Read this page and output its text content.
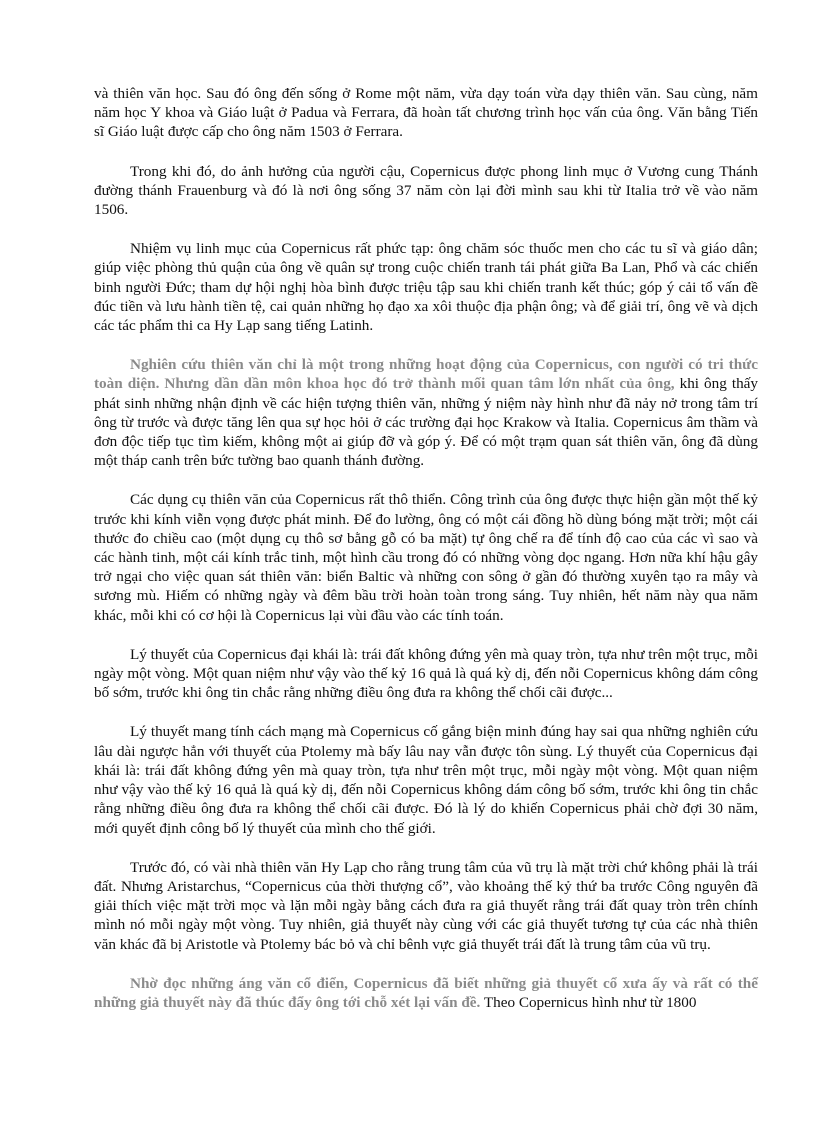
và thiên văn học. Sau đó ông đến sống ở Rome một năm, vừa dạy toán vừa dạy thiên văn. Sau cùng, năm năm học Y khoa và Giáo luật ở Padua và Ferrara, đã hoàn tất chương trình học vấn của ông. Văn bằng Tiến sĩ Giáo luật được cấp cho ông năm 1503 ở Ferrara.

Trong khi đó, do ảnh hưởng của người cậu, Copernicus được phong linh mục ở Vương cung Thánh đường thánh Frauenburg và đó là nơi ông sống 37 năm còn lại đời mình sau khi từ Italia trở về vào năm 1506.

Nhiệm vụ linh mục của Copernicus rất phức tạp: ông chăm sóc thuốc men cho các tu sĩ và giáo dân; giúp việc phòng thủ quận của ông về quân sự trong cuộc chiến tranh tái phát giữa Ba Lan, Phổ và các chiến binh người Đức; tham dự hội nghị hòa bình được triệu tập sau khi chiến tranh kết thúc; góp ý cải tổ vấn đề đúc tiền và lưu hành tiền tệ, cai quản những họ đạo xa xôi thuộc địa phận ông; và để giải trí, ông vẽ và dịch các tác phẩm thi ca Hy Lạp sang tiếng Latinh.

Nghiên cứu thiên văn chỉ là một trong những hoạt động của Copernicus, con người có tri thức toàn diện. Nhưng dần dần môn khoa học đó trở thành mối quan tâm lớn nhất của ông, khi ông thấy phát sinh những nhận định về các hiện tượng thiên văn, những ý niệm này hình như đã nảy nở trong tâm trí ông từ trước và được tăng lên qua sự học hỏi ở các trường đại học Krakow và Italia. Copernicus âm thầm và đơn độc tiếp tục tìm kiếm, không một ai giúp đỡ và góp ý. Để có một trạm quan sát thiên văn, ông đã dùng một tháp canh trên bức tường bao quanh thánh đường.

Các dụng cụ thiên văn của Copernicus rất thô thiển. Công trình của ông được thực hiện gần một thế kỷ trước khi kính viễn vọng được phát minh. Để đo lường, ông có một cái đồng hồ dùng bóng mặt trời; một cái thước đo chiều cao (một dụng cụ thô sơ bằng gỗ có ba mặt) tự ông chế ra để tính độ cao của các vì sao và các hành tinh, một cái kính trắc tinh, một hình cầu trong đó có những vòng dọc ngang. Hơn nữa khí hậu gây trở ngại cho việc quan sát thiên văn: biển Baltic và những con sông ở gần đó thường xuyên tạo ra mây và sương mù. Hiếm có những ngày và đêm bầu trời hoàn toàn trong sáng. Tuy nhiên, hết năm này qua năm khác, mỗi khi có cơ hội là Copernicus lại vùi đầu vào các tính toán.

Lý thuyết của Copernicus đại khái là: trái đất không đứng yên mà quay tròn, tựa như trên một trục, mỗi ngày một vòng. Một quan niệm như vậy vào thế kỷ 16 quả là quá kỳ dị, đến nỗi Copernicus không dám công bố sớm, trước khi ông tin chắc rằng những điều ông đưa ra không thể chối cãi được...

Lý thuyết mang tính cách mạng mà Copernicus cố gắng biện minh đúng hay sai qua những nghiên cứu lâu dài ngược hẳn với thuyết của Ptolemy mà bấy lâu nay vẫn được tôn sùng. Lý thuyết của Copernicus đại khái là: trái đất không đứng yên mà quay tròn, tựa như trên một trục, mỗi ngày một vòng. Một quan niệm như vậy vào thế kỷ 16 quả là quá kỳ dị, đến nỗi Copernicus không dám công bố sớm, trước khi ông tin chắc rằng những điều ông đưa ra không thể chối cãi được. Đó là lý do khiến Copernicus phải chờ đợi 30 năm, mới quyết định công bố lý thuyết của mình cho thế giới.

Trước đó, có vài nhà thiên văn Hy Lạp cho rằng trung tâm của vũ trụ là mặt trời chứ không phải là trái đất. Nhưng Aristarchus, “Copernicus của thời thượng cổ”, vào khoảng thế kỷ thứ ba trước Công nguyên đã giải thích việc mặt trời mọc và lặn mỗi ngày bằng cách đưa ra giả thuyết rằng trái đất quay tròn trên chính mình nó mỗi ngày một vòng. Tuy nhiên, giả thuyết này cùng với các giả thuyết tương tự của các nhà thiên văn khác đã bị Aristotle và Ptolemy bác bỏ và chỉ bênh vực giả thuyết trái đất là trung tâm của vũ trụ.

Nhờ đọc những áng văn cổ điển, Copernicus đã biết những giả thuyết cổ xưa ấy và rất có thể những giả thuyết này đã thúc đẩy ông tới chỗ xét lại vấn đề. Theo Copernicus hình như từ 1800
